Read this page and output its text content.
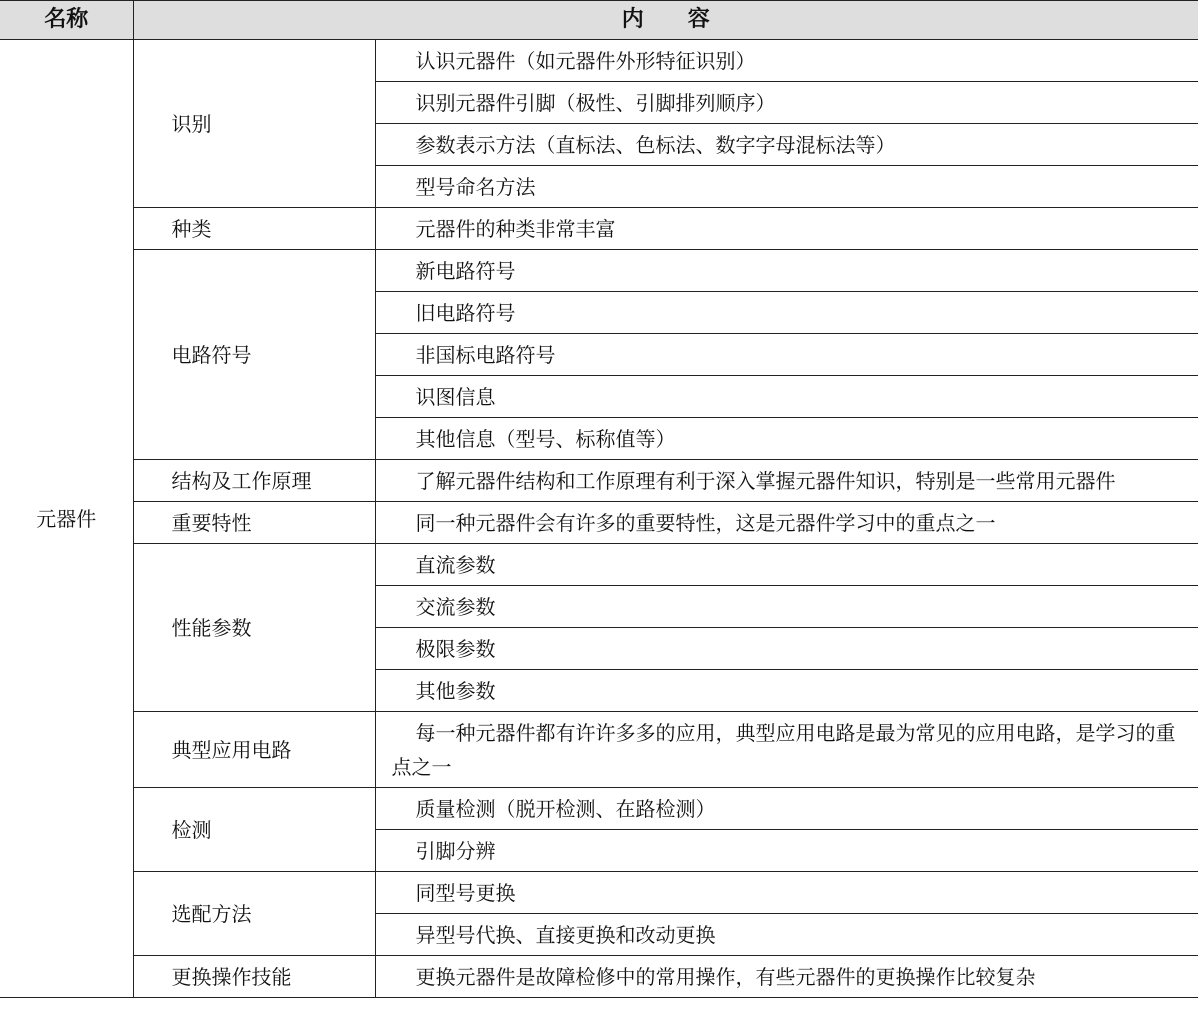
名称	内　　容	
元器件	识别	认识元器件（如元器件外形特征识别）
		识别元器件引脚（极性、引脚排列顺序）
		参数表示方法（直标法、色标法、数字字母混标法等）
		型号命名方法
	种类	元器件的种类非常丰富
	电路符号	新电路符号
		旧电路符号
		非国标电路符号
		识图信息
		其他信息（型号、标称值等）
	结构及工作原理	了解元器件结构和工作原理有利于深入掌握元器件知识，特别是一些常用元器件
	重要特性	同一种元器件会有许多的重要特性，这是元器件学习中的重点之一
	性能参数	直流参数
		交流参数
		极限参数
		其他参数
	典型应用电路	每一种元器件都有许许多多的应用，典型应用电路是最为常见的应用电路，是学习的重点之一
	检测	质量检测（脱开检测、在路检测）
		引脚分辨
	选配方法	同型号更换
		异型号代换、直接更换和改动更换
	更换操作技能	更换元器件是故障检修中的常用操作，有些元器件的更换操作比较复杂
